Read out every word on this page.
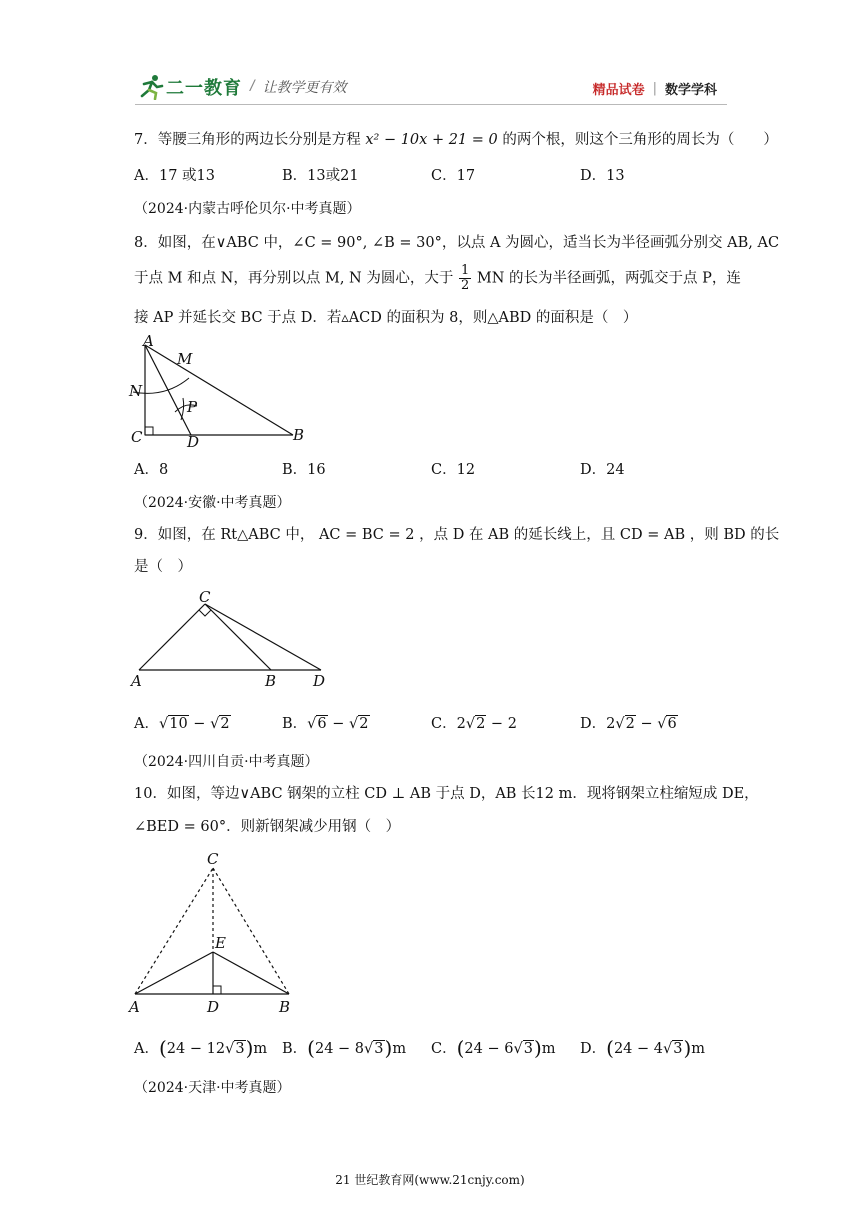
二一教育 / 让教学更有效	精品试卷 | 数学学科
7．等腰三角形的两边长分别是方程 x² − 10x + 21 = 0 的两个根，则这个三角形的周长为（　　）
A．17 或13	B．13或21	C．17	D．13
（2024·内蒙古呼伦贝尔·中考真题）
8．如图，在∨ABC 中，∠C = 90°, ∠B = 30°，以点 A 为圆心，适当长为半径画弧分别交 AB, AC
于点 M 和点 N，再分别以点 M, N 为圆心，大于 $\frac{1}{2}$ MN 的长为半径画弧，两弧交于点 P，连
接 AP 并延长交 BC 于点 D．若▵ACD 的面积为 8，则△ABD 的面积是（　）
A
M
N
P
C	D	B
A．8	B．16	C．12	D．24
（2024·安徽·中考真题）
9．如图，在 Rt△ABC 中， AC = BC = 2 ，点 D 在 AB 的延长线上，且 CD = AB ，则 BD 的长
是（　）
C
A	B D
A．√10 − √2	B．√6 − √2	C．2√2 − 2	D．2√2 − √6
（2024·四川自贡·中考真题）
10．如图，等边∨ABC 钢架的立柱 CD ⊥ AB 于点 D，AB 长12 m．现将钢架立柱缩短成 DE，
∠BED = 60°．则新钢架减少用钢（　）
C
E
A	D	B
A．(24 − 12√3)m B．(24 − 8√3)m C．(24 − 6√3)m D．(24 − 4√3)m
（2024·天津·中考真题）
21 世纪教育网(www.21cnjy.com)
